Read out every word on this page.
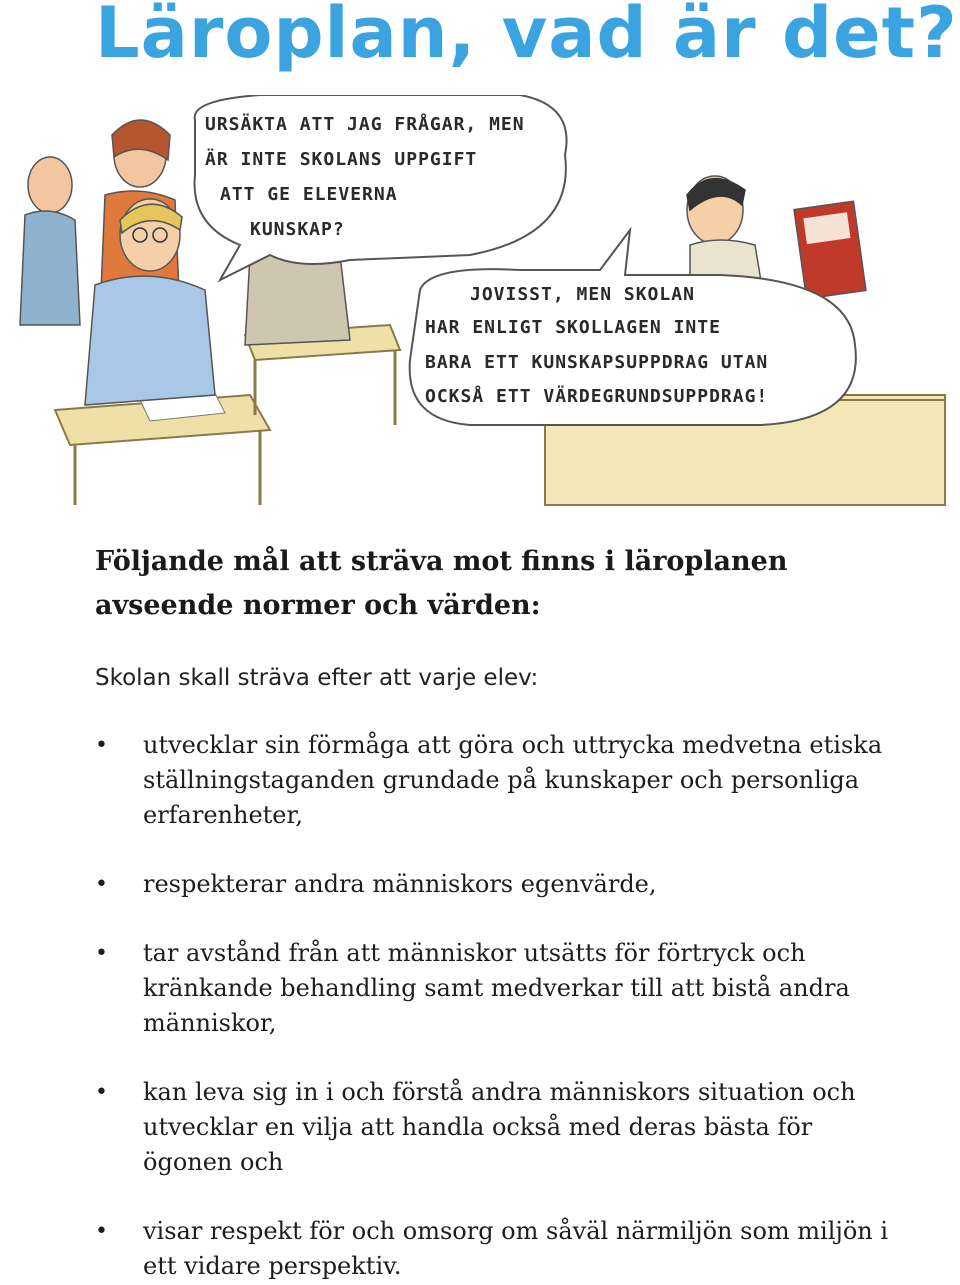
Läroplan, vad är det?
URSÄKTA ATT JAG FRÅGAR, MEN
ÄR INTE SKOLANS UPPGIFT
ATT GE ELEVERNA
KUNSKAP?
JOVISST, MEN SKOLAN
HAR ENLIGT SKOLLAGEN INTE
BARA ETT KUNSKAPSUPPDRAG UTAN
OCKSÅ ETT VÄRDEGRUNDSUPPDRAG!
Följande mål att sträva mot finns i läroplanen avseende normer och värden:

Skolan skall sträva efter att varje elev:

• utvecklar sin förmåga att göra och uttrycka medvetna etiska ställningstaganden grundade på kunskaper och personliga erfarenheter,
• respekterar andra människors egenvärde,
• tar avstånd från att människor utsätts för förtryck och kränkande behandling samt medverkar till att bistå andra människor,
• kan leva sig in i och förstå andra människors situation och utvecklar en vilja att handla också med deras bästa för ögonen och
• visar respekt för och omsorg om såväl närmiljön som miljön i ett vidare perspektiv.
